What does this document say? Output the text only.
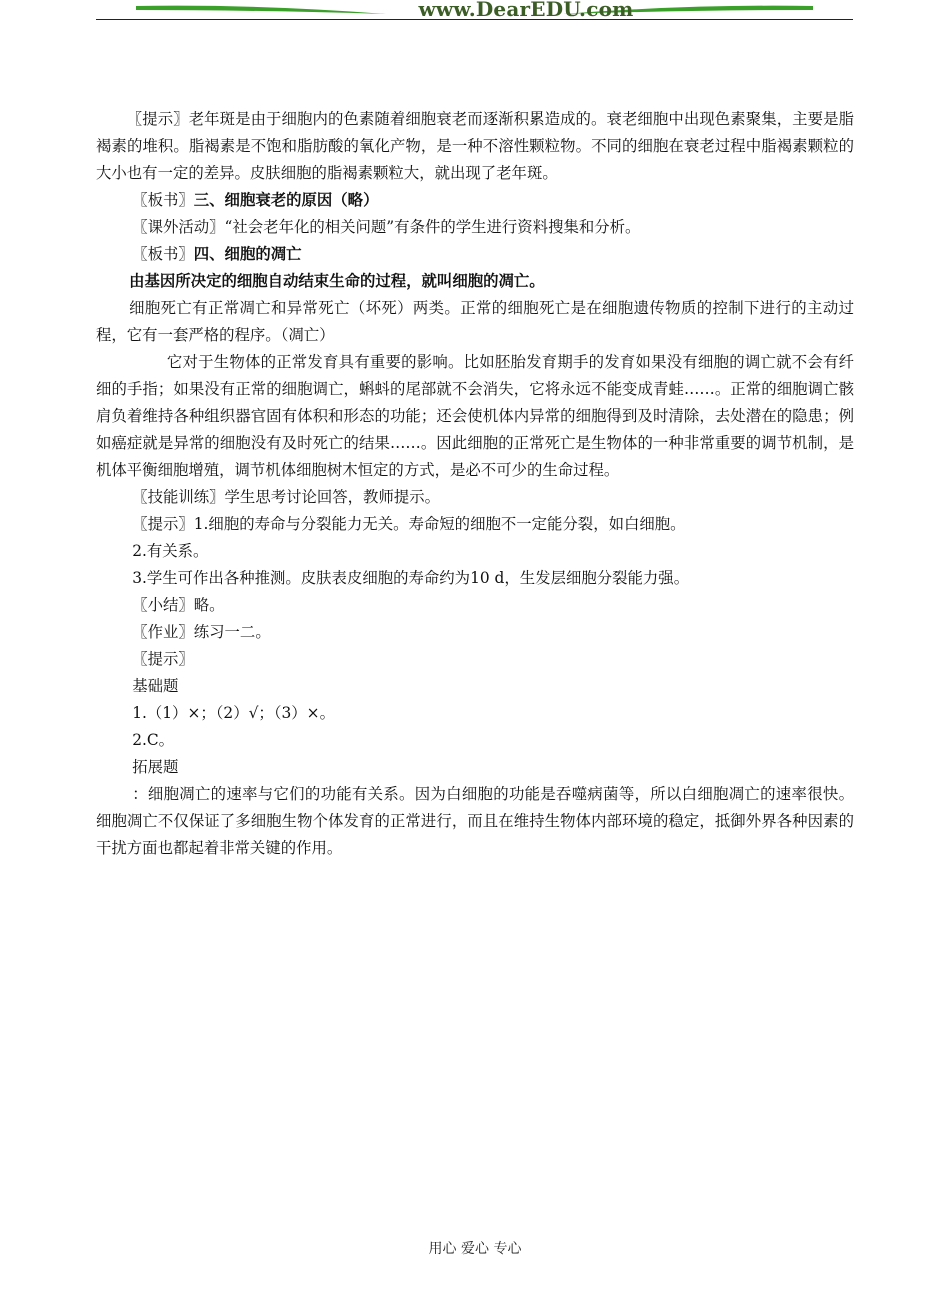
www.DearEDU.com

〖提示〗老年斑是由于细胞内的色素随着细胞衰老而逐渐积累造成的。衰老细胞中出现色素聚集，主要是脂褐素的堆积。脂褐素是不饱和脂肪酸的氧化产物，是一种不溶性颗粒物。不同的细胞在衰老过程中脂褐素颗粒的大小也有一定的差异。皮肤细胞的脂褐素颗粒大，就出现了老年斑。

〖板书〗三、细胞衰老的原因（略）

〖课外活动〗“社会老年化的相关问题”有条件的学生进行资料搜集和分析。

〖板书〗四、细胞的凋亡

由基因所决定的细胞自动结束生命的过程，就叫细胞的凋亡。

细胞死亡有正常凋亡和异常死亡（坏死）两类。正常的细胞死亡是在细胞遗传物质的控制下进行的主动过程，它有一套严格的程序。（凋亡）

它对于生物体的正常发育具有重要的影响。比如胚胎发育期手的发育如果没有细胞的调亡就不会有纤细的手指；如果没有正常的细胞调亡，蝌蚪的尾部就不会消失，它将永远不能变成青蛙……。正常的细胞调亡骸肩负着维持各种组织器官固有体积和形态的功能；还会使机体内异常的细胞得到及时清除，去处潜在的隐患；例如癌症就是异常的细胞没有及时死亡的结果……。因此细胞的正常死亡是生物体的一种非常重要的调节机制，是机体平衡细胞增殖，调节机体细胞树木恒定的方式，是必不可少的生命过程。

〖技能训练〗学生思考讨论回答，教师提示。

〖提示〗1.细胞的寿命与分裂能力无关。寿命短的细胞不一定能分裂，如白细胞。

2.有关系。

3.学生可作出各种推测。皮肤表皮细胞的寿命约为10 d，生发层细胞分裂能力强。

〖小结〗略。

〖作业〗练习一二。

〖提示〗

基础题

1.（1）×；（2）√；（3）×。

2.C。

拓展题

：细胞凋亡的速率与它们的功能有关系。因为白细胞的功能是吞噬病菌等，所以白细胞凋亡的速率很快。细胞凋亡不仅保证了多细胞生物个体发育的正常进行，而且在维持生物体内部环境的稳定，抵御外界各种因素的干扰方面也都起着非常关键的作用。

用心 爱心 专心
